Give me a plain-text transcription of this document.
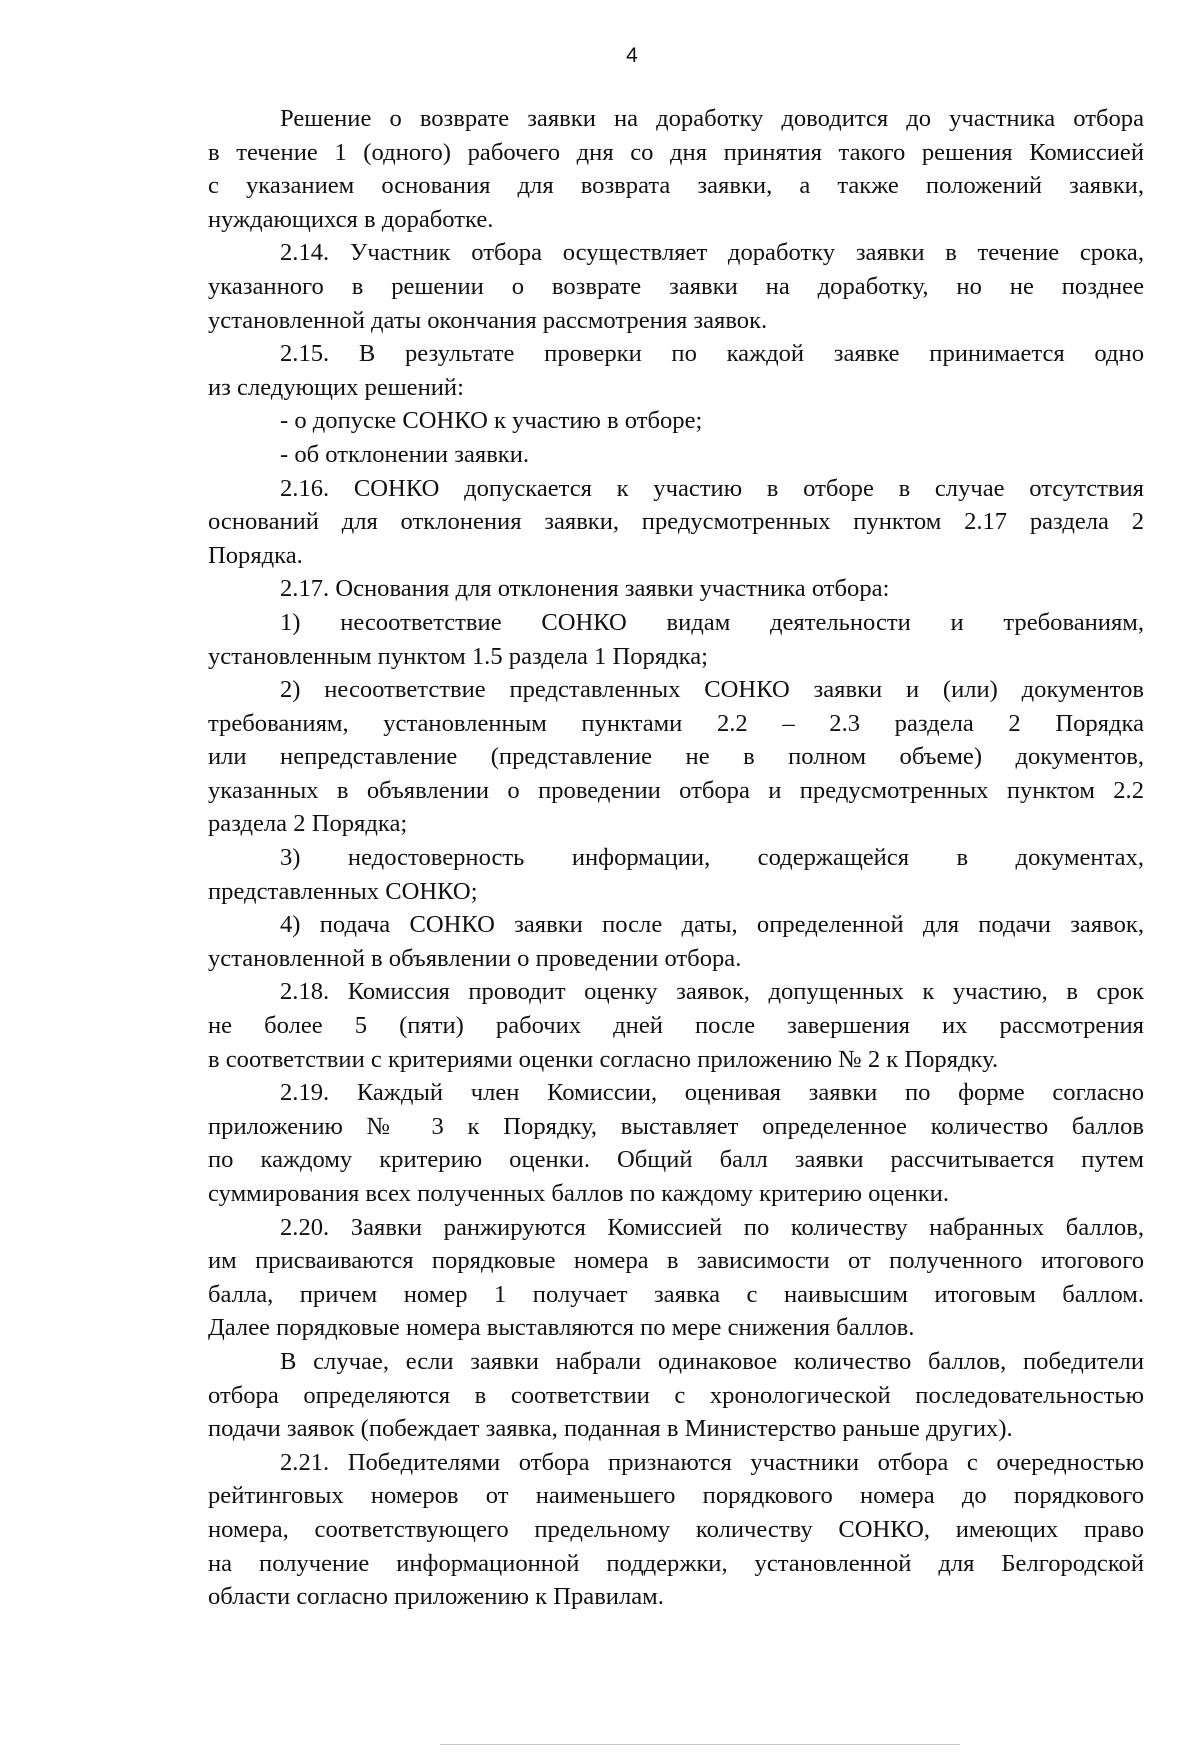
4
Решение о возврате заявки на доработку доводится до участника отбора
в течение 1 (одного) рабочего дня со дня принятия такого решения Комиссией
с указанием основания для возврата заявки, а также положений заявки,
нуждающихся в доработке.
2.14. Участник отбора осуществляет доработку заявки в течение срока,
указанного в решении о возврате заявки на доработку, но не позднее
установленной даты окончания рассмотрения заявок.
2.15. В результате проверки по каждой заявке принимается одно
из следующих решений:
- о допуске СОНКО к участию в отборе;
- об отклонении заявки.
2.16. СОНКО допускается к участию в отборе в случае отсутствия
оснований для отклонения заявки, предусмотренных пунктом 2.17 раздела 2
Порядка.
2.17. Основания для отклонения заявки участника отбора:
1) несоответствие СОНКО видам деятельности и требованиям,
установленным пунктом 1.5 раздела 1 Порядка;
2) несоответствие представленных СОНКО заявки и (или) документов
требованиям, установленным пунктами 2.2 – 2.3 раздела 2 Порядка
или непредставление (представление не в полном объеме) документов,
указанных в объявлении о проведении отбора и предусмотренных пунктом 2.2
раздела 2 Порядка;
3) недостоверность информации, содержащейся в документах,
представленных СОНКО;
4) подача СОНКО заявки после даты, определенной для подачи заявок,
установленной в объявлении о проведении отбора.
2.18. Комиссия проводит оценку заявок, допущенных к участию, в срок
не более 5 (пяти) рабочих дней после завершения их рассмотрения
в соответствии с критериями оценки согласно приложению № 2 к Порядку.
2.19. Каждый член Комиссии, оценивая заявки по форме согласно
приложению № 3 к Порядку, выставляет определенное количество баллов
по каждому критерию оценки. Общий балл заявки рассчитывается путем
суммирования всех полученных баллов по каждому критерию оценки.
2.20. Заявки ранжируются Комиссией по количеству набранных баллов,
им присваиваются порядковые номера в зависимости от полученного итогового
балла, причем номер 1 получает заявка с наивысшим итоговым баллом.
Далее порядковые номера выставляются по мере снижения баллов.
В случае, если заявки набрали одинаковое количество баллов, победители
отбора определяются в соответствии с хронологической последовательностью
подачи заявок (побеждает заявка, поданная в Министерство раньше других).
2.21. Победителями отбора признаются участники отбора с очередностью
рейтинговых номеров от наименьшего порядкового номера до порядкового
номера, соответствующего предельному количеству СОНКО, имеющих право
на получение информационной поддержки, установленной для Белгородской
области согласно приложению к Правилам.
